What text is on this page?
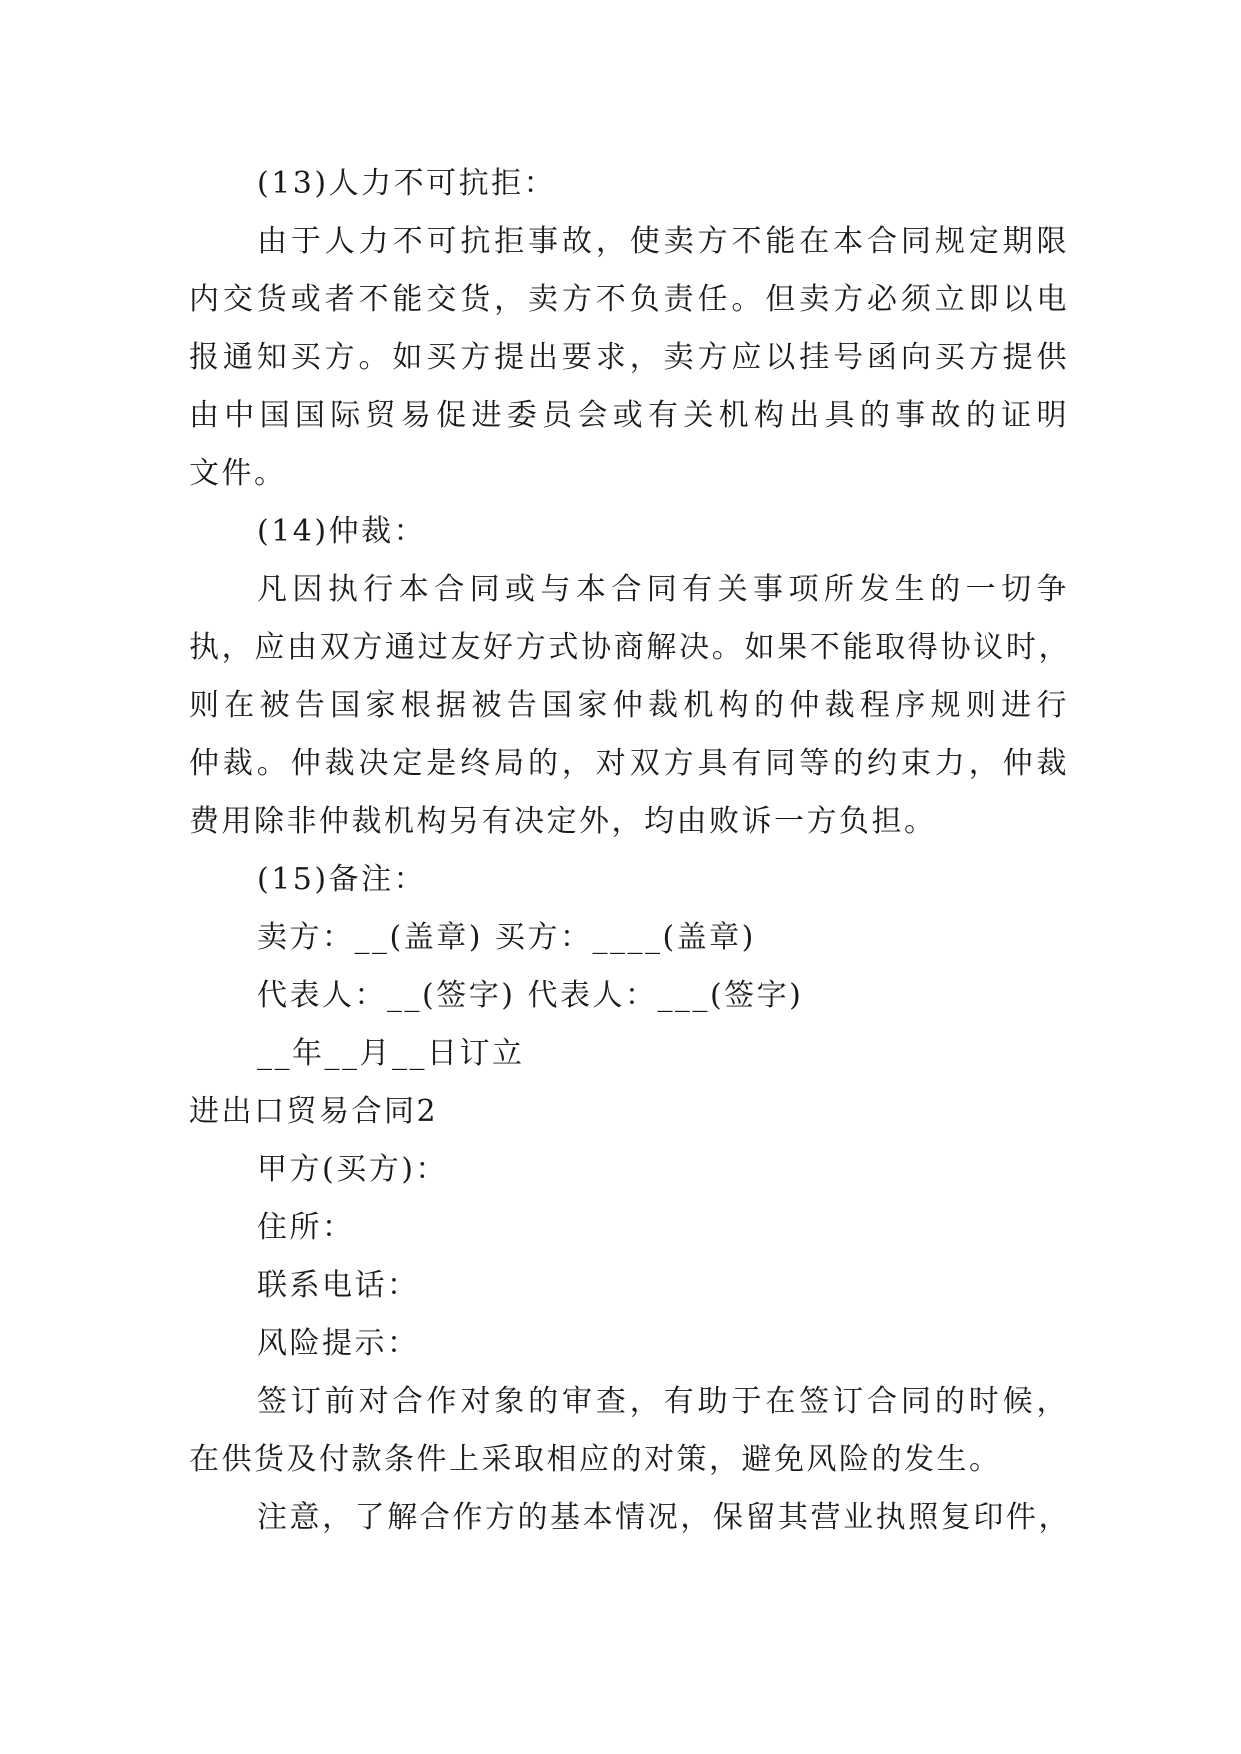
(13)人力不可抗拒：
由于人力不可抗拒事故，使卖方不能在本合同规定期限
内交货或者不能交货，卖方不负责任。但卖方必须立即以电
报通知买方。如买方提出要求，卖方应以挂号函向买方提供
由中国国际贸易促进委员会或有关机构出具的事故的证明
文件。
(14)仲裁：
凡因执行本合同或与本合同有关事项所发生的一切争
执，应由双方通过友好方式协商解决。如果不能取得协议时，
则在被告国家根据被告国家仲裁机构的仲裁程序规则进行
仲裁。仲裁决定是终局的，对双方具有同等的约束力，仲裁
费用除非仲裁机构另有决定外，均由败诉一方负担。
(15)备注：
卖方：__(盖章) 买方：____(盖章)
代表人：__(签字) 代表人：___(签字)
__年__月__日订立
进出口贸易合同2
甲方(买方)：
住所：
联系电话：
风险提示：
签订前对合作对象的审查，有助于在签订合同的时候，
在供货及付款条件上采取相应的对策，避免风险的发生。
注意，了解合作方的基本情况，保留其营业执照复印件，
